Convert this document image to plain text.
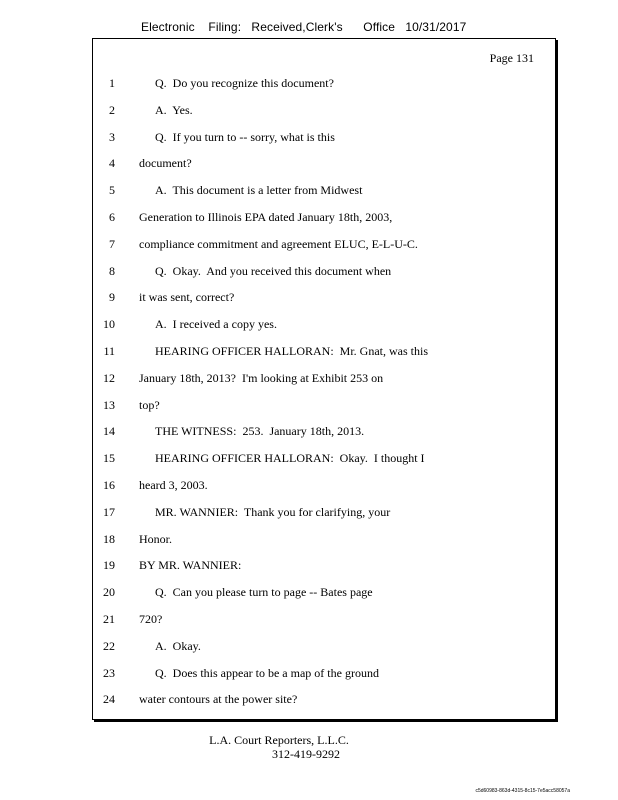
Electronic    Filing:   Received,Clerk's      Office   10/31/2017
Page 131
1	Q.  Do you recognize this document?
2	A.  Yes.
3	Q.  If you turn to -- sorry, what is this
4 document?
5	A.  This document is a letter from Midwest
6 Generation to Illinois EPA dated January 18th, 2003,
7 compliance commitment and agreement ELUC, E-L-U-C.
8	Q.  Okay.  And you received this document when
9 it was sent, correct?
10	A.  I received a copy yes.
11	HEARING OFFICER HALLORAN:  Mr. Gnat, was this
12 January 18th, 2013?  I'm looking at Exhibit 253 on
13 top?
14	THE WITNESS:  253.  January 18th, 2013.
15	HEARING OFFICER HALLORAN:  Okay.  I thought I
16 heard 3, 2003.
17	MR. WANNIER:  Thank you for clarifying, your
18 Honor.
19 BY MR. WANNIER:
20	Q.  Can you please turn to page -- Bates page
21 720?
22	A.  Okay.
23	Q.  Does this appear to be a map of the ground
24 water contours at the power site?
L.A. Court Reporters, L.L.C.
312-419-9292
c5d60983-863d-4315-8c15-7e5acc58057a
